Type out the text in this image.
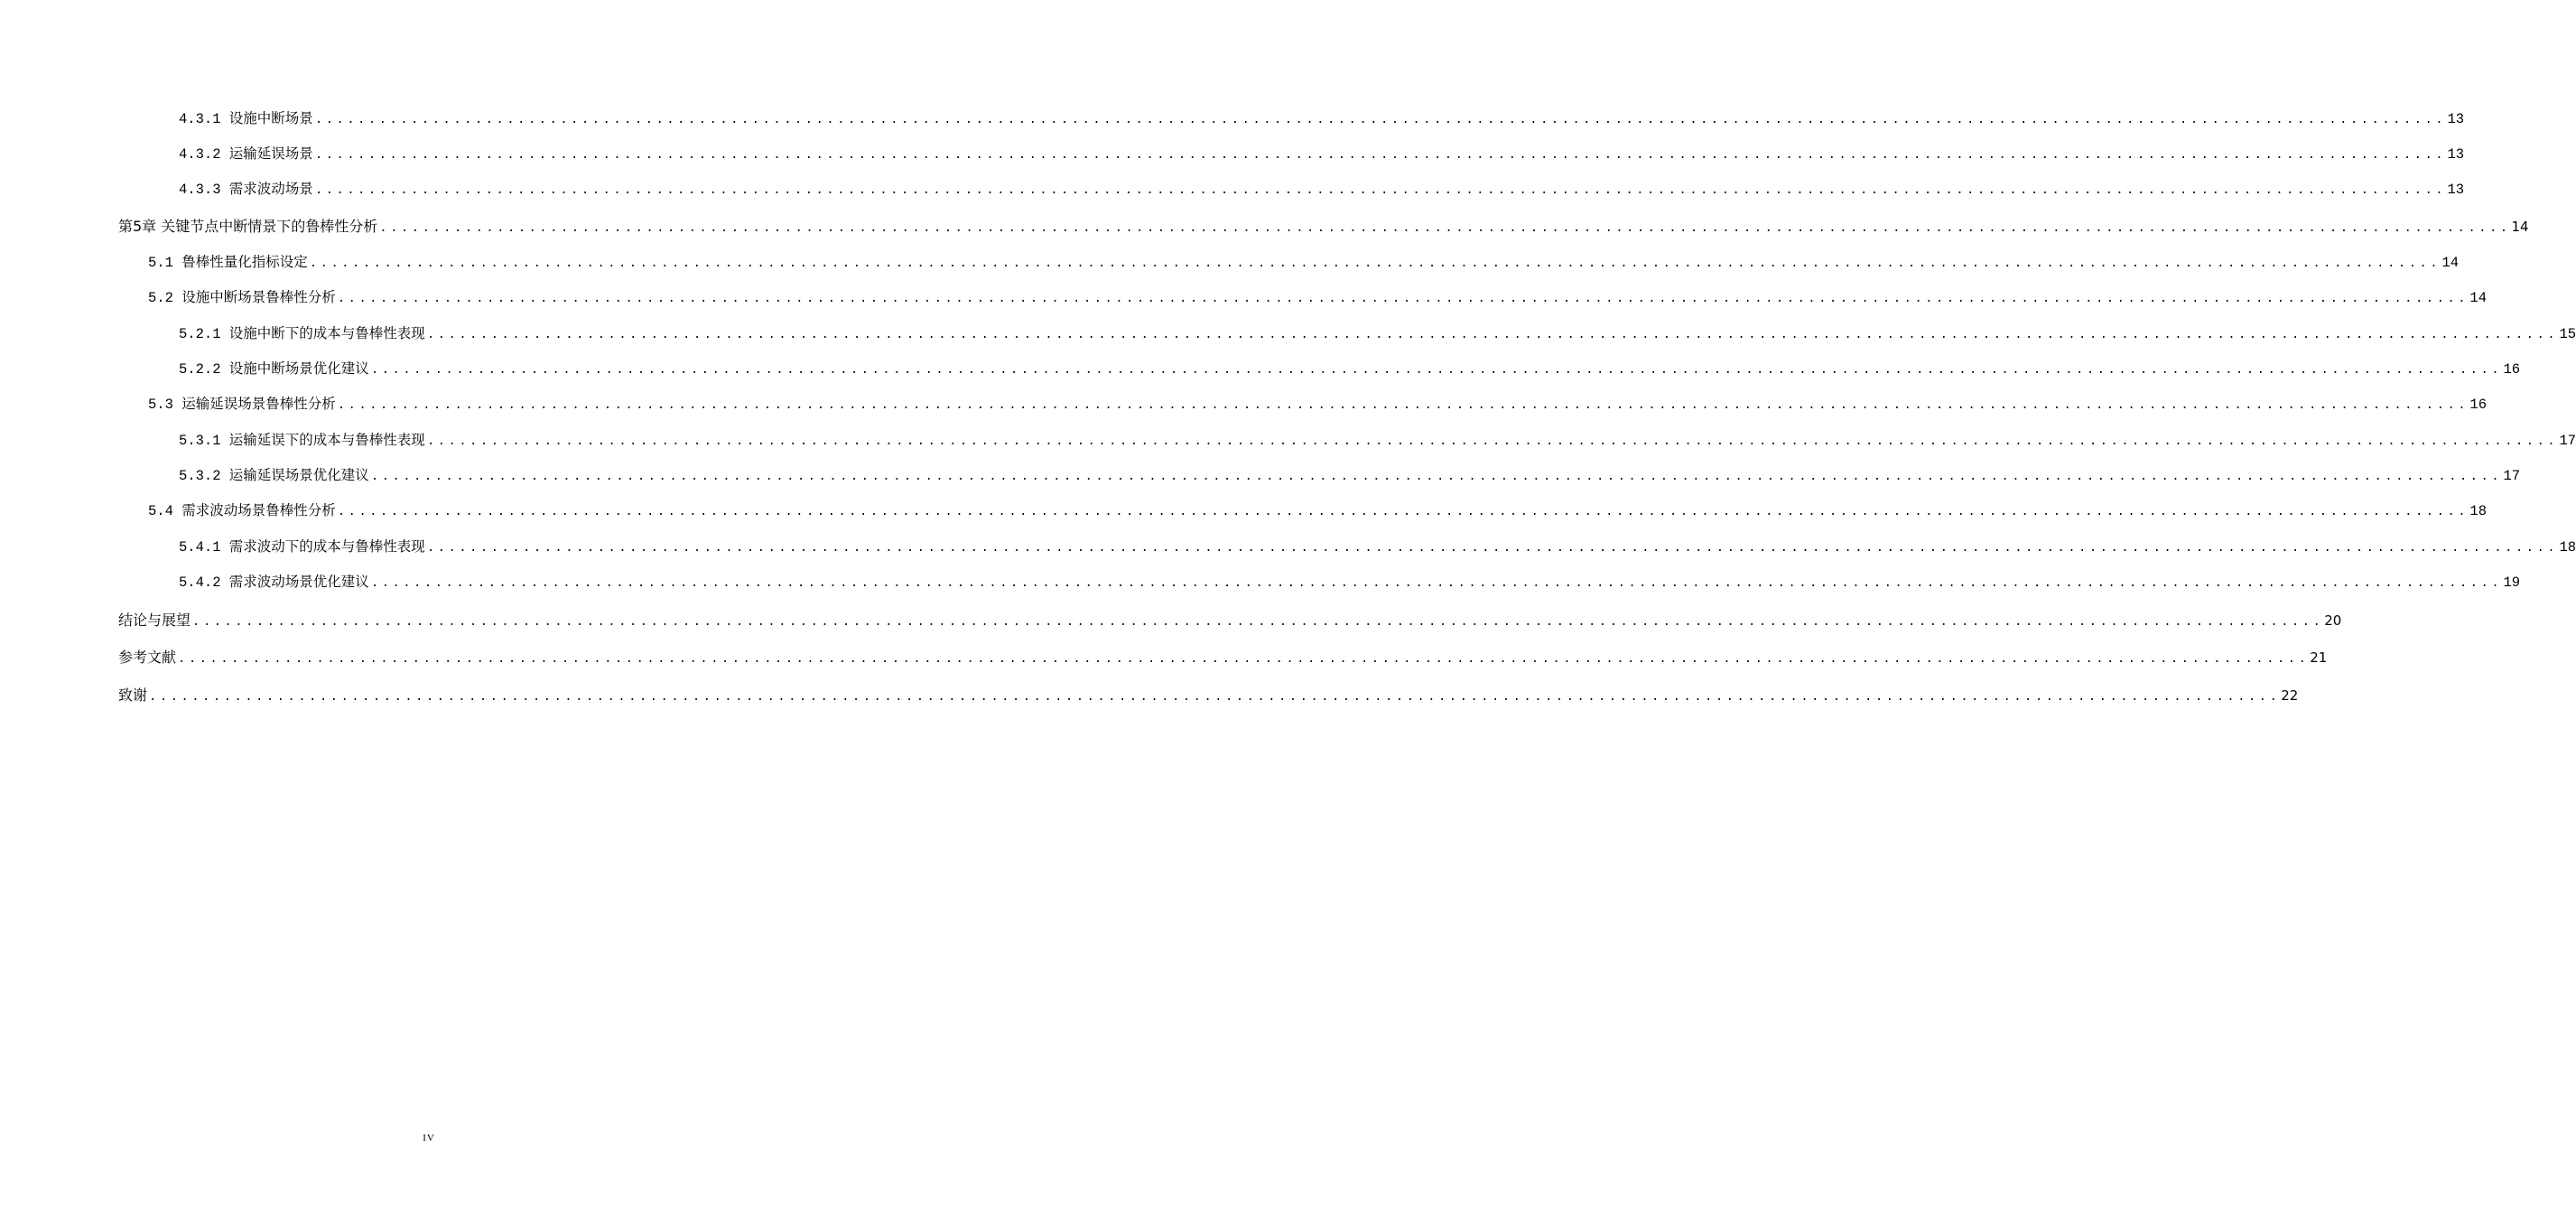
4.3.1 设施中断场景 ........................................................................................................................................................................................................ 13
4.3.2 运输延误场景 ........................................................................................................................................................................................................ 13
4.3.3 需求波动场景 ........................................................................................................................................................................................................ 13
第5章 关键节点中断情景下的鲁棒性分析 ........................................................................................................................................................................................................ 14
5.1 鲁棒性量化指标设定 ........................................................................................................................................................................................................ 14
5.2 设施中断场景鲁棒性分析 ........................................................................................................................................................................................................ 14
5.2.1 设施中断下的成本与鲁棒性表现 ........................................................................................................................................................................................................ 15
5.2.2 设施中断场景优化建议 ........................................................................................................................................................................................................ 16
5.3 运输延误场景鲁棒性分析 ........................................................................................................................................................................................................ 16
5.3.1 运输延误下的成本与鲁棒性表现 ........................................................................................................................................................................................................ 17
5.3.2 运输延误场景优化建议 ........................................................................................................................................................................................................ 17
5.4 需求波动场景鲁棒性分析 ........................................................................................................................................................................................................ 18
5.4.1 需求波动下的成本与鲁棒性表现 ........................................................................................................................................................................................................ 18
5.4.2 需求波动场景优化建议 ........................................................................................................................................................................................................ 19
结论与展望 ........................................................................................................................................................................................................ 20
参考文献 ........................................................................................................................................................................................................ 21
致谢 ........................................................................................................................................................................................................ 22
IV
